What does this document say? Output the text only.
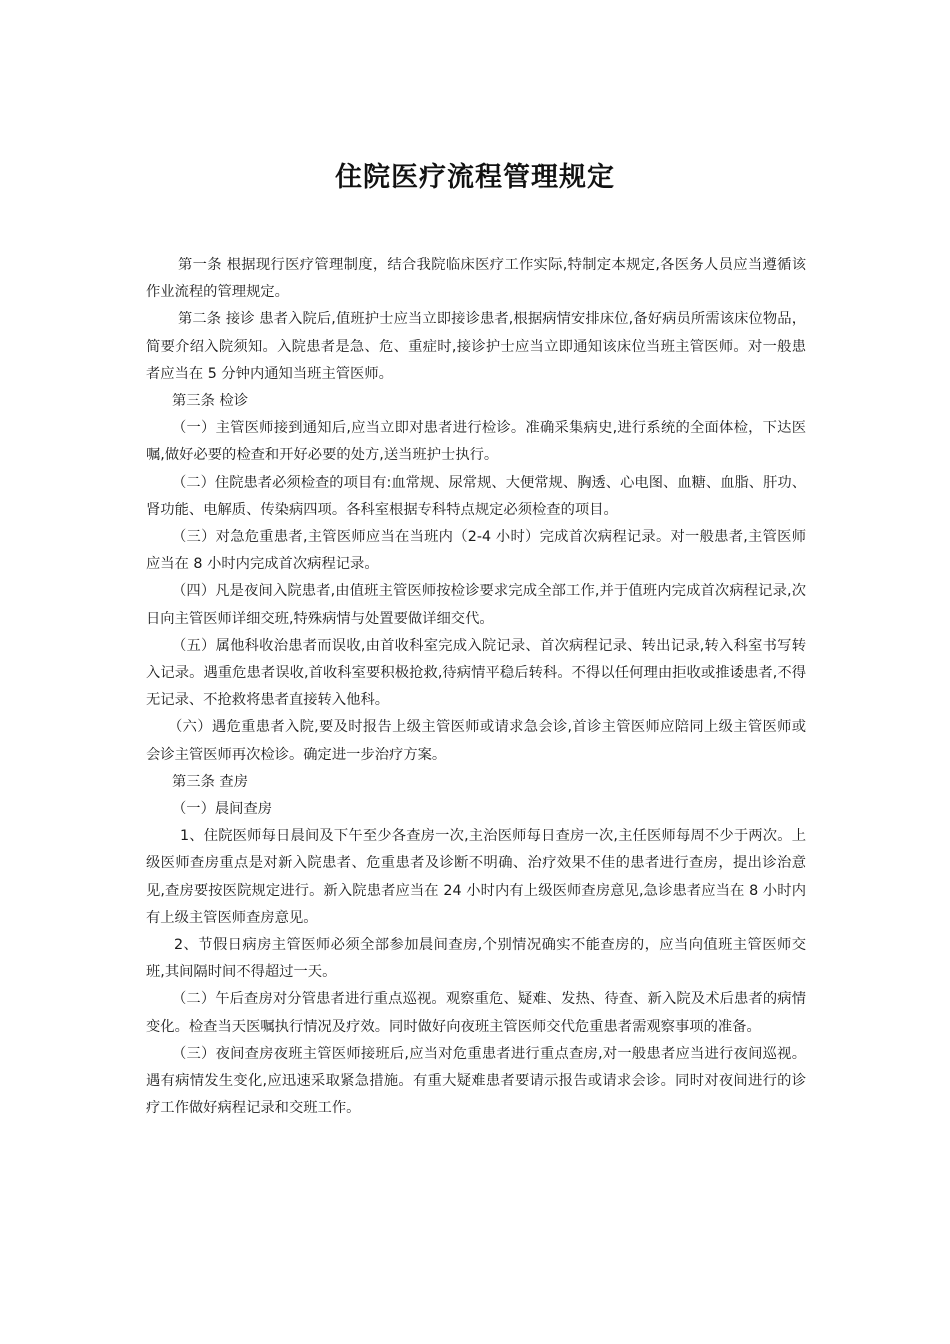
住院医疗流程管理规定

第一条 根据现行医疗管理制度，结合我院临床医疗工作实际,特制定本规定,各医务人员应当遵循该作业流程的管理规定。

第二条 接诊 患者入院后,值班护士应当立即接诊患者,根据病情安排床位,备好病员所需该床位物品，简要介绍入院须知。入院患者是急、危、重症时,接诊护士应当立即通知该床位当班主管医师。对一般患者应当在 5 分钟内通知当班主管医师。

第三条 检诊

（一）主管医师接到通知后,应当立即对患者进行检诊。准确采集病史,进行系统的全面体检，下达医嘱,做好必要的检查和开好必要的处方,送当班护士执行。

（二）住院患者必须检查的项目有:血常规、尿常规、大便常规、胸透、心电图、血糖、血脂、肝功、肾功能、电解质、传染病四项。各科室根据专科特点规定必须检查的项目。

（三）对急危重患者,主管医师应当在当班内（2-4 小时）完成首次病程记录。对一般患者,主管医师应当在 8 小时内完成首次病程记录。

（四）凡是夜间入院患者,由值班主管医师按检诊要求完成全部工作,并于值班内完成首次病程记录,次日向主管医师详细交班,特殊病情与处置要做详细交代。

（五）属他科收治患者而误收,由首收科室完成入院记录、首次病程记录、转出记录,转入科室书写转入记录。遇重危患者误收,首收科室要积极抢救,待病情平稳后转科。不得以任何理由拒收或推诿患者,不得无记录、不抢救将患者直接转入他科。

（六）遇危重患者入院,要及时报告上级主管医师或请求急会诊,首诊主管医师应陪同上级主管医师或会诊主管医师再次检诊。确定进一步治疗方案。

第三条 查房

（一）晨间查房

1、住院医师每日晨间及下午至少各查房一次,主治医师每日查房一次,主任医师每周不少于两次。上级医师查房重点是对新入院患者、危重患者及诊断不明确、治疗效果不佳的患者进行查房，提出诊治意见,查房要按医院规定进行。新入院患者应当在 24 小时内有上级医师查房意见,急诊患者应当在 8 小时内有上级主管医师查房意见。

2、节假日病房主管医师必须全部参加晨间查房,个别情况确实不能查房的，应当向值班主管医师交班,其间隔时间不得超过一天。

（二）午后查房对分管患者进行重点巡视。观察重危、疑难、发热、待查、新入院及术后患者的病情变化。检查当天医嘱执行情况及疗效。同时做好向夜班主管医师交代危重患者需观察事项的准备。

（三）夜间查房夜班主管医师接班后,应当对危重患者进行重点查房,对一般患者应当进行夜间巡视。遇有病情发生变化,应迅速采取紧急措施。有重大疑难患者要请示报告或请求会诊。同时对夜间进行的诊疗工作做好病程记录和交班工作。
